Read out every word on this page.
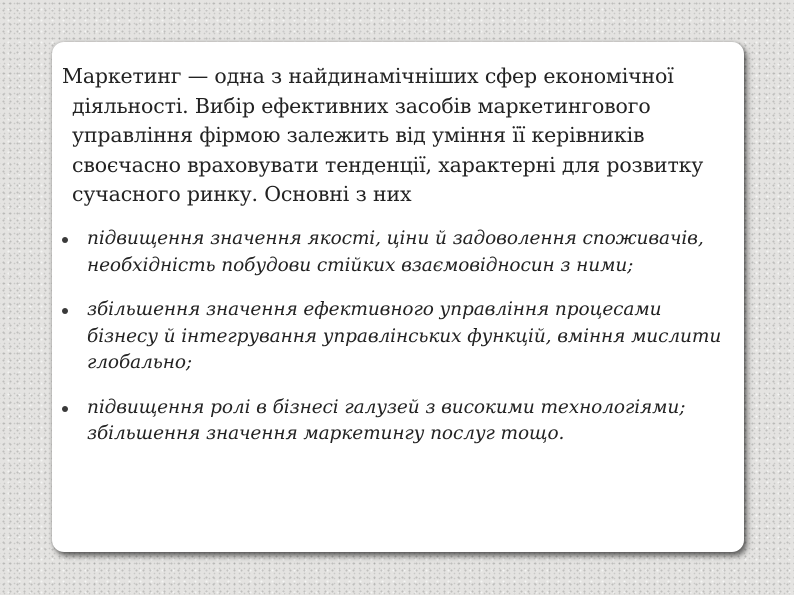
Маркетинг — одна з найдинамічніших сфер економічної діяльності. Вибір ефективних засобів маркетингового управління фірмою залежить від уміння її керівників своєчасно враховувати тенденції, характерні для розвитку сучасного ринку. Основні з них

підвищення значення якості, ціни й задоволення споживачів, необхідність побудови стійких взаємовідносин з ними;
збільшення значення ефективного управління процесами бізнесу й інтегрування управлінських функцій, вміння мислити глобально;
підвищення ролі в бізнесі галузей з високими технологіями; збільшення значення маркетингу послуг тощо.
